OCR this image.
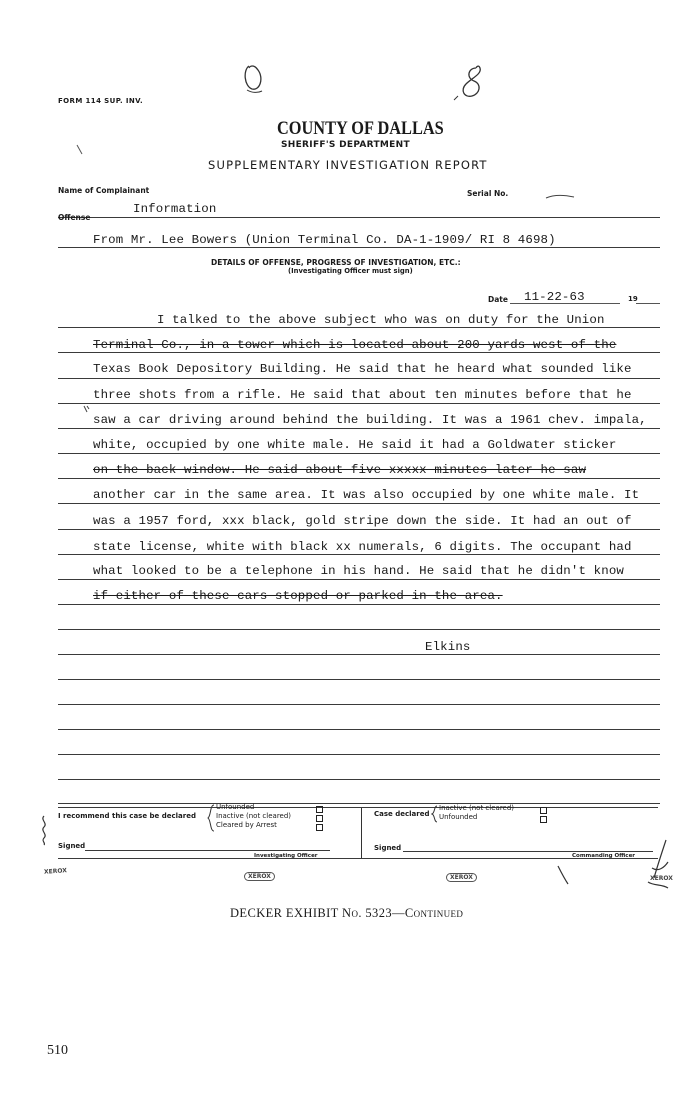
FORM 114 SUP. INV.
COUNTY OF DALLAS
SHERIFF'S DEPARTMENT
SUPPLEMENTARY INVESTIGATION REPORT
Name of Complainant	Serial No.
Information
Offense
From Mr. Lee Bowers (Union Terminal Co. DA-1-1909/ RI 8 4698)
DETAILS OF OFFENSE, PROGRESS OF INVESTIGATION, ETC.:
(Investigating Officer must sign)
Date 11-22-63	19
I talked to the above subject who was on duty for the Union
Terminal Co., in a tower which is located about 200 yards west of the
Texas Book Depository Building. He said that he heard what sounded like
three shots from a rifle. He said that about ten minutes before that he
saw a car driving around behind the building. It was a 1961 chev. impala,
white, occupied by one white male. He said it had a Goldwater sticker
on the back window. He said about five xxxxx minutes later he saw
another car in the same area. It was also occupied by one white male. It
was a 1957 ford, xxx black, gold stripe down the side. It had an out of
state license, white with black xx numerals, 6 digits. The occupant had
what looked to be a telephone in his hand. He said that he didn't know
if either of these cars stopped or parked in the area.
Elkins
I recommend this case be declared
Unfounded
Inactive (not cleared)
Cleared by Arrest
Case declared
Inactive (not cleared)
Unfounded
Signed
Investigating Officer
Signed
Commanding Officer
XEROX
XEROX	XEROX	XEROX
DECKER EXHIBIT No. 5323—Continued
510
